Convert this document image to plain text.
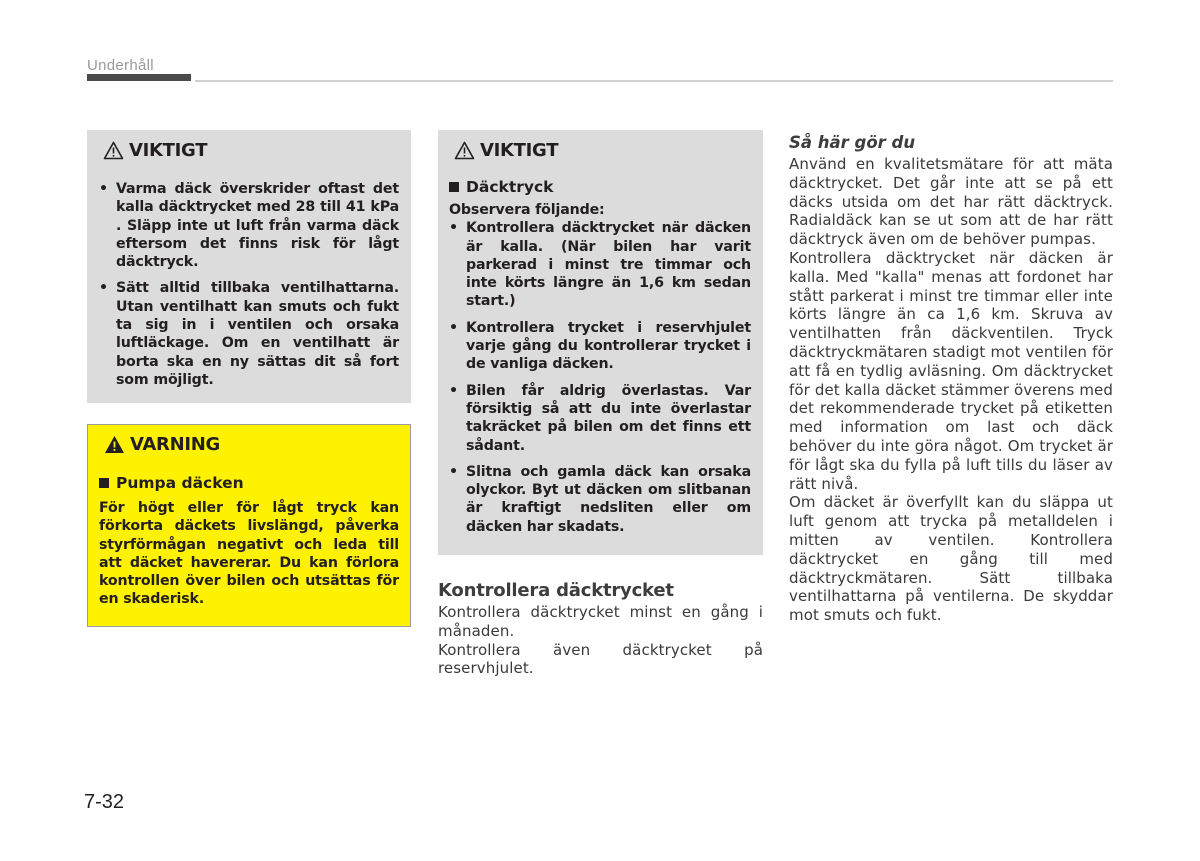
Underhåll
VIKTIGT
• Varma däck överskrider oftast det kalla däcktrycket med 28 till 41 kPa . Släpp inte ut luft från varma däck eftersom det finns risk för lågt däcktryck.
• Sätt alltid tillbaka ventilhattarna. Utan ventilhatt kan smuts och fukt ta sig in i ventilen och orsaka luftläckage. Om en ventilhatt är borta ska en ny sättas dit så fort som möjligt.
VARNING
Pumpa däcken
För högt eller för lågt tryck kan förkorta däckets livslängd, påverka styrförmågan negativt och leda till att däcket havererar. Du kan förlora kontrollen över bilen och utsättas för en skaderisk.
VIKTIGT
Däcktryck
Observera följande:
• Kontrollera däcktrycket när däcken är kalla. (När bilen har varit parkerad i minst tre timmar och inte körts längre än 1,6 km sedan start.)
• Kontrollera trycket i reservhjulet varje gång du kontrollerar trycket i de vanliga däcken.
• Bilen får aldrig överlastas. Var försiktig så att du inte överlastar takräcket på bilen om det finns ett sådant.
• Slitna och gamla däck kan orsaka olyckor. Byt ut däcken om slitbanan är kraftigt nedsliten eller om däcken har skadats.
Kontrollera däcktrycket

Kontrollera däcktrycket minst en gång i månaden.

Kontrollera även däcktrycket på reservhjulet.

Så här gör du

Använd en kvalitetsmätare för att mäta däcktrycket. Det går inte att se på ett däcks utsida om det har rätt däcktryck. Radialdäck kan se ut som att de har rätt däcktryck även om de behöver pumpas.

Kontrollera däcktrycket när däcken är kalla. Med "kalla" menas att fordonet har stått parkerat i minst tre timmar eller inte körts längre än ca 1,6 km. Skruva av ventilhatten från däckventilen. Tryck däcktryckmätaren stadigt mot ventilen för att få en tydlig avläsning. Om däcktrycket för det kalla däcket stämmer överens med det rekommenderade trycket på etiketten med information om last och däck behöver du inte göra något. Om trycket är för lågt ska du fylla på luft tills du läser av rätt nivå.

Om däcket är överfyllt kan du släppa ut luft genom att trycka på metalldelen i mitten av ventilen. Kontrollera däcktrycket en gång till med däcktryckmätaren. Sätt tillbaka ventilhattarna på ventilerna. De skyddar mot smuts och fukt.

7-32
